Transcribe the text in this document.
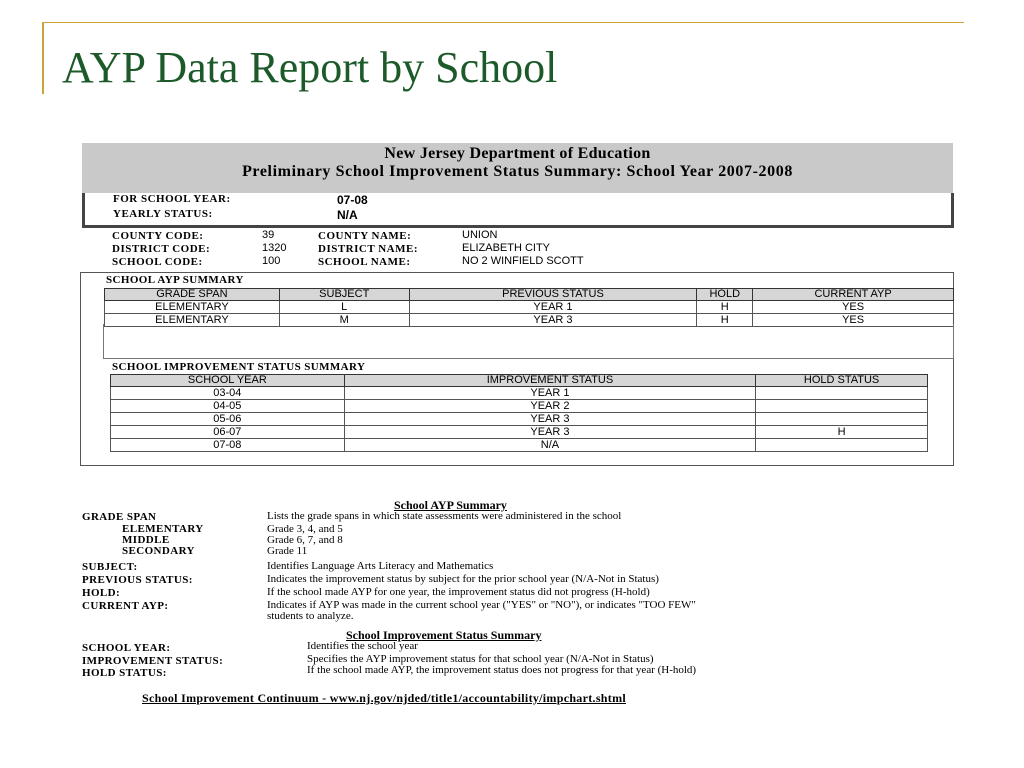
AYP Data Report by School
New Jersey Department of Education
Preliminary School Improvement Status Summary: School Year 2007-2008
FOR SCHOOL YEAR:	07-08
YEARLY STATUS:	N/A
COUNTY CODE:	39	COUNTY NAME:	UNION
DISTRICT CODE:	1320	DISTRICT NAME:	ELIZABETH CITY
SCHOOL CODE:	100	SCHOOL NAME:	NO 2 WINFIELD SCOTT
SCHOOL AYP SUMMARY
GRADE SPAN	SUBJECT	PREVIOUS STATUS	HOLD	CURRENT AYP
ELEMENTARY	L	YEAR 1	H	YES
ELEMENTARY	M	YEAR 3	H	YES
SCHOOL IMPROVEMENT STATUS SUMMARY
SCHOOL YEAR	IMPROVEMENT STATUS	HOLD STATUS
03-04	YEAR 1	
04-05	YEAR 2	
05-06	YEAR 3	
06-07	YEAR 3	H
07-08	N/A	
School AYP Summary
GRADE SPAN	Lists the grade spans in which state assessments were administered in the school
ELEMENTARY	Grade 3, 4, and 5
MIDDLE	Grade 6, 7, and 8
SECONDARY	Grade 11
SUBJECT:	Identifies Language Arts Literacy and Mathematics
PREVIOUS STATUS:	Indicates the improvement status by subject for the prior school year (N/A-Not in Status)
HOLD:	If the school made AYP for one year, the improvement status did not progress (H-hold)
CURRENT AYP:	Indicates if AYP was made in the current school year ("YES" or "NO"), or indicates "TOO FEW"
students to analyze.
School Improvement Status Summary
SCHOOL YEAR:	Identifies the school year
IMPROVEMENT STATUS:	Specifies the AYP improvement status for that school year (N/A-Not in Status)
HOLD STATUS:	If the school made AYP, the improvement status does not progress for that year (H-hold)
School Improvement Continuum - www.nj.gov/njded/title1/accountability/impchart.shtml
